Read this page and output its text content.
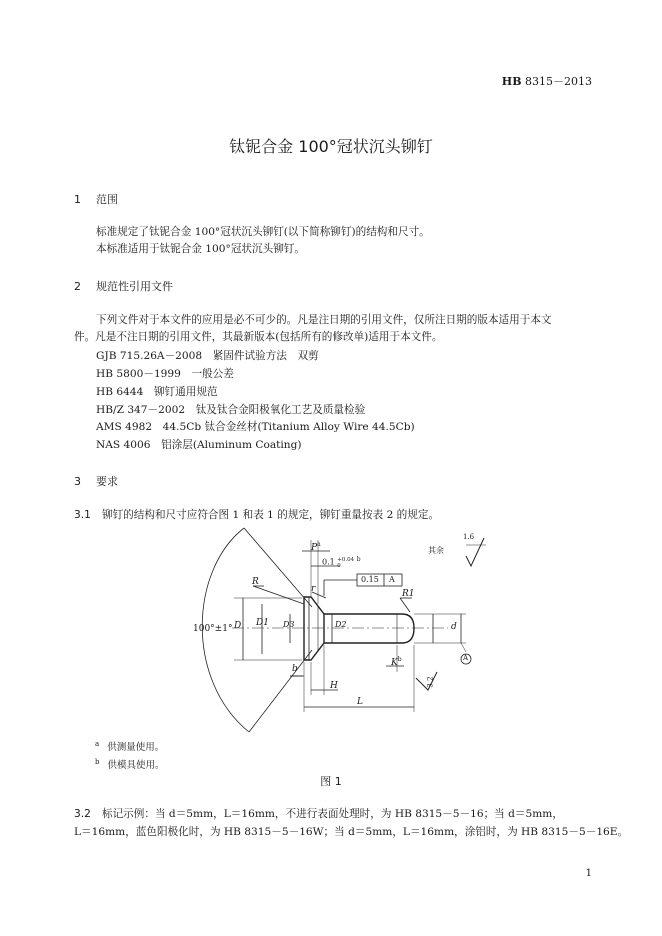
HB 8315－2013
钛铌合金 100°冠状沉头铆钉
1 范围
标准规定了钛铌合金 100°冠状沉头铆钉(以下简称铆钉)的结构和尺寸。
本标准适用于钛铌合金 100°冠状沉头铆钉。
2 规范性引用文件
下列文件对于本文件的应用是必不可少的。凡是注日期的引用文件，仅所注日期的版本适用于本文
件。凡是不注日期的引用文件，其最新版本(包括所有的修改单)适用于本文件。
GJB 715.26A－2008　紧固件试验方法　双剪
HB 5800－1999　一般公差
HB 6444　铆钉通用规范
HB/Z 347－2002　钛及钛合金阳极氧化工艺及质量检验
AMS 4982　44.5Cb 钛合金丝材(Titanium Alloy Wire 44.5Cb)
NAS 4006　铝涂层(Aluminum Coating)
3 要求
3.1 铆钉的结构和尺寸应符合图 1 和表 1 的规定，铆钉重量按表 2 的规定。
100°±1° D D1 D3	D2	d
R
R1
r
$P^a$
0.1 +0.04
0
$^b$
0.15 A
A
1.6
其余
3.2
b
H
L
$K^b$
$^a$ 供测量使用。
$^b$ 供模具使用。
图 1
3.2 标记示例：当 d＝5mm，L＝16mm，不进行表面处理时，为 HB 8315－5－16；当 d＝5mm，
L＝16mm，蓝色阳极化时，为 HB 8315－5－16W；当 d＝5mm，L＝16mm，涂铝时，为 HB 8315－5－16E。
1
